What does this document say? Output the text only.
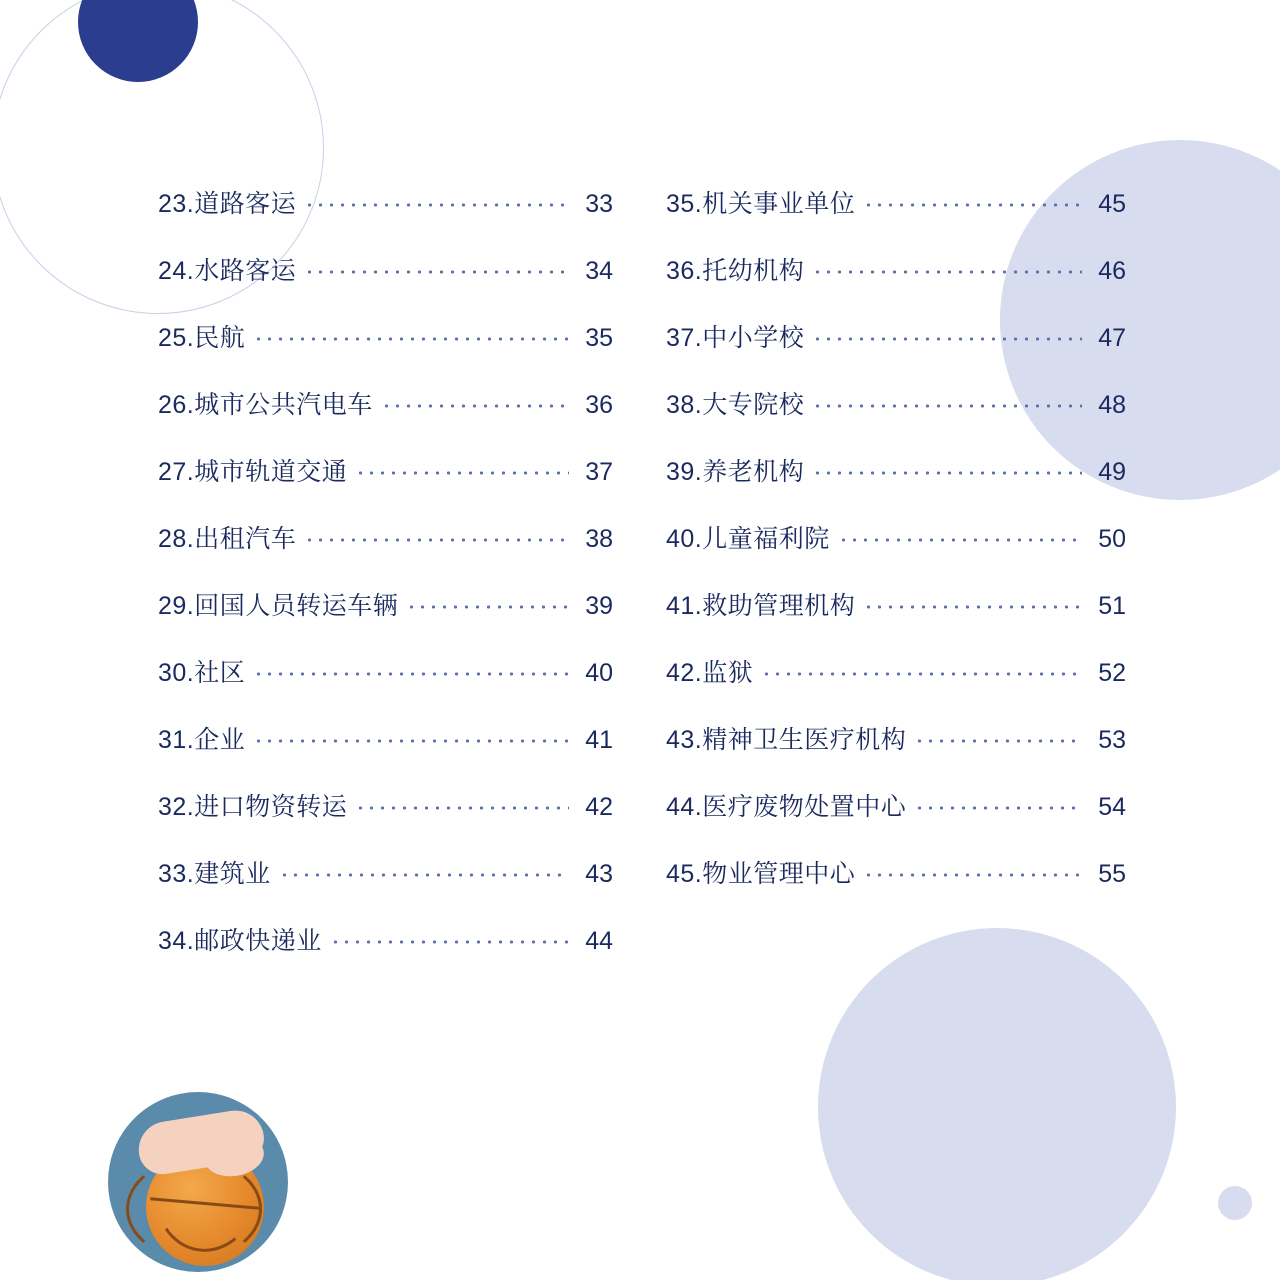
23.道路客运	33
24.水路客运	34
25.民航	35
26.城市公共汽电车	36
27.城市轨道交通	37
28.出租汽车	38
29.回国人员转运车辆	39
30.社区	40
31.企业	41
32.进口物资转运	42
33.建筑业	43
34.邮政快递业	44
35.机关事业单位	45
36.托幼机构	46
37.中小学校	47
38.大专院校	48
39.养老机构	49
40.儿童福利院	50
41.救助管理机构	51
42.监狱	52
43.精神卫生医疗机构	53
44.医疗废物处置中心	54
45.物业管理中心	55
